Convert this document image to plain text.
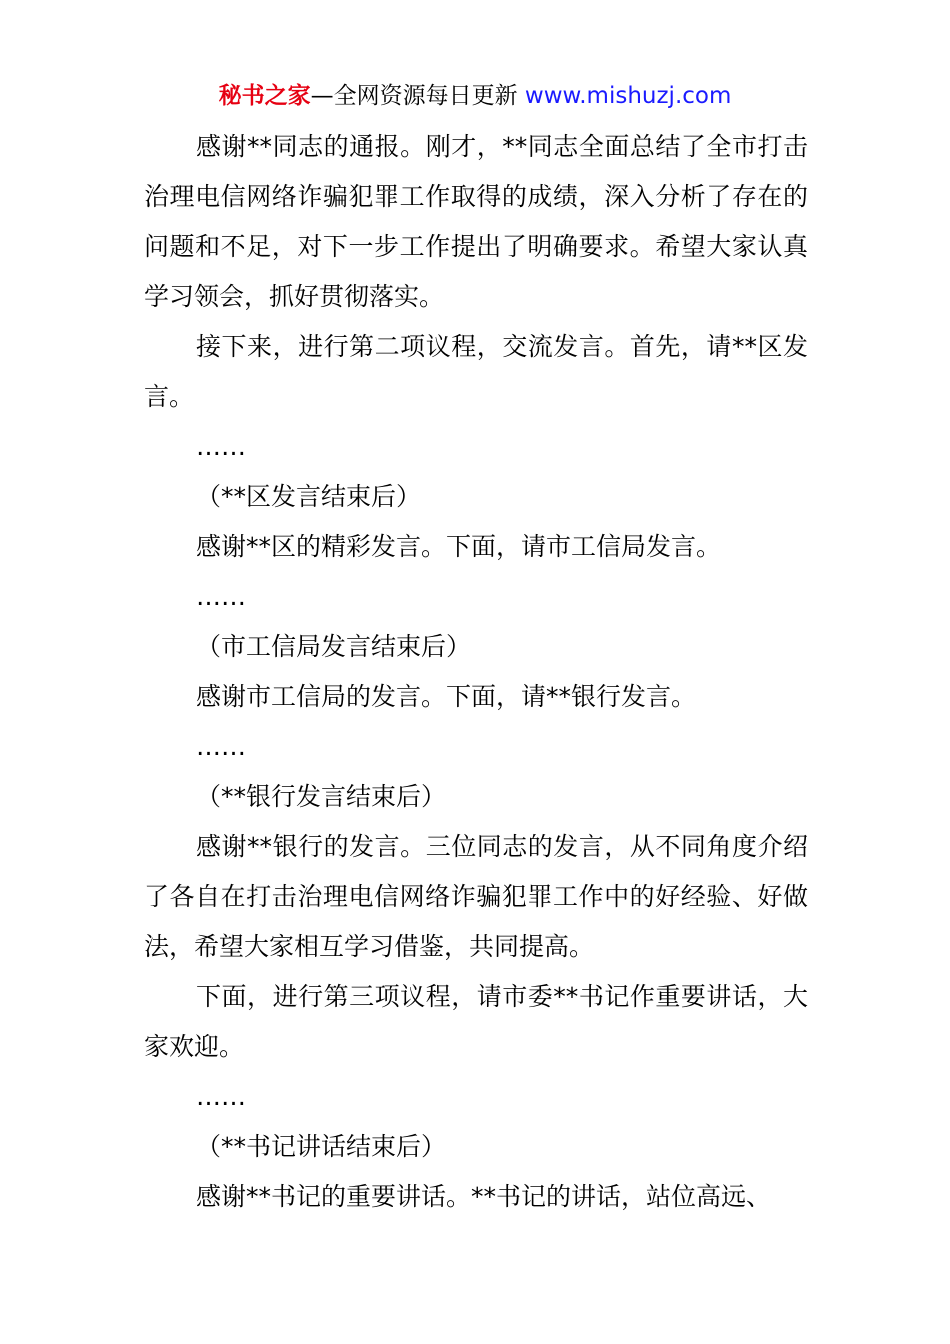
秘书之家—全网资源每日更新 www.mishuzj.com

感谢**同志的通报。刚才，**同志全面总结了全市打击治理电信网络诈骗犯罪工作取得的成绩，深入分析了存在的问题和不足，对下一步工作提出了明确要求。希望大家认真学习领会，抓好贯彻落实。

接下来，进行第二项议程，交流发言。首先，请**区发言。

……

（**区发言结束后）

感谢**区的精彩发言。下面，请市工信局发言。

……

（市工信局发言结束后）

感谢市工信局的发言。下面，请**银行发言。

……

（**银行发言结束后）

感谢**银行的发言。三位同志的发言，从不同角度介绍了各自在打击治理电信网络诈骗犯罪工作中的好经验、好做法，希望大家相互学习借鉴，共同提高。

下面，进行第三项议程，请市委**书记作重要讲话，大家欢迎。

……

（**书记讲话结束后）

感谢**书记的重要讲话。**书记的讲话，站位高远、
